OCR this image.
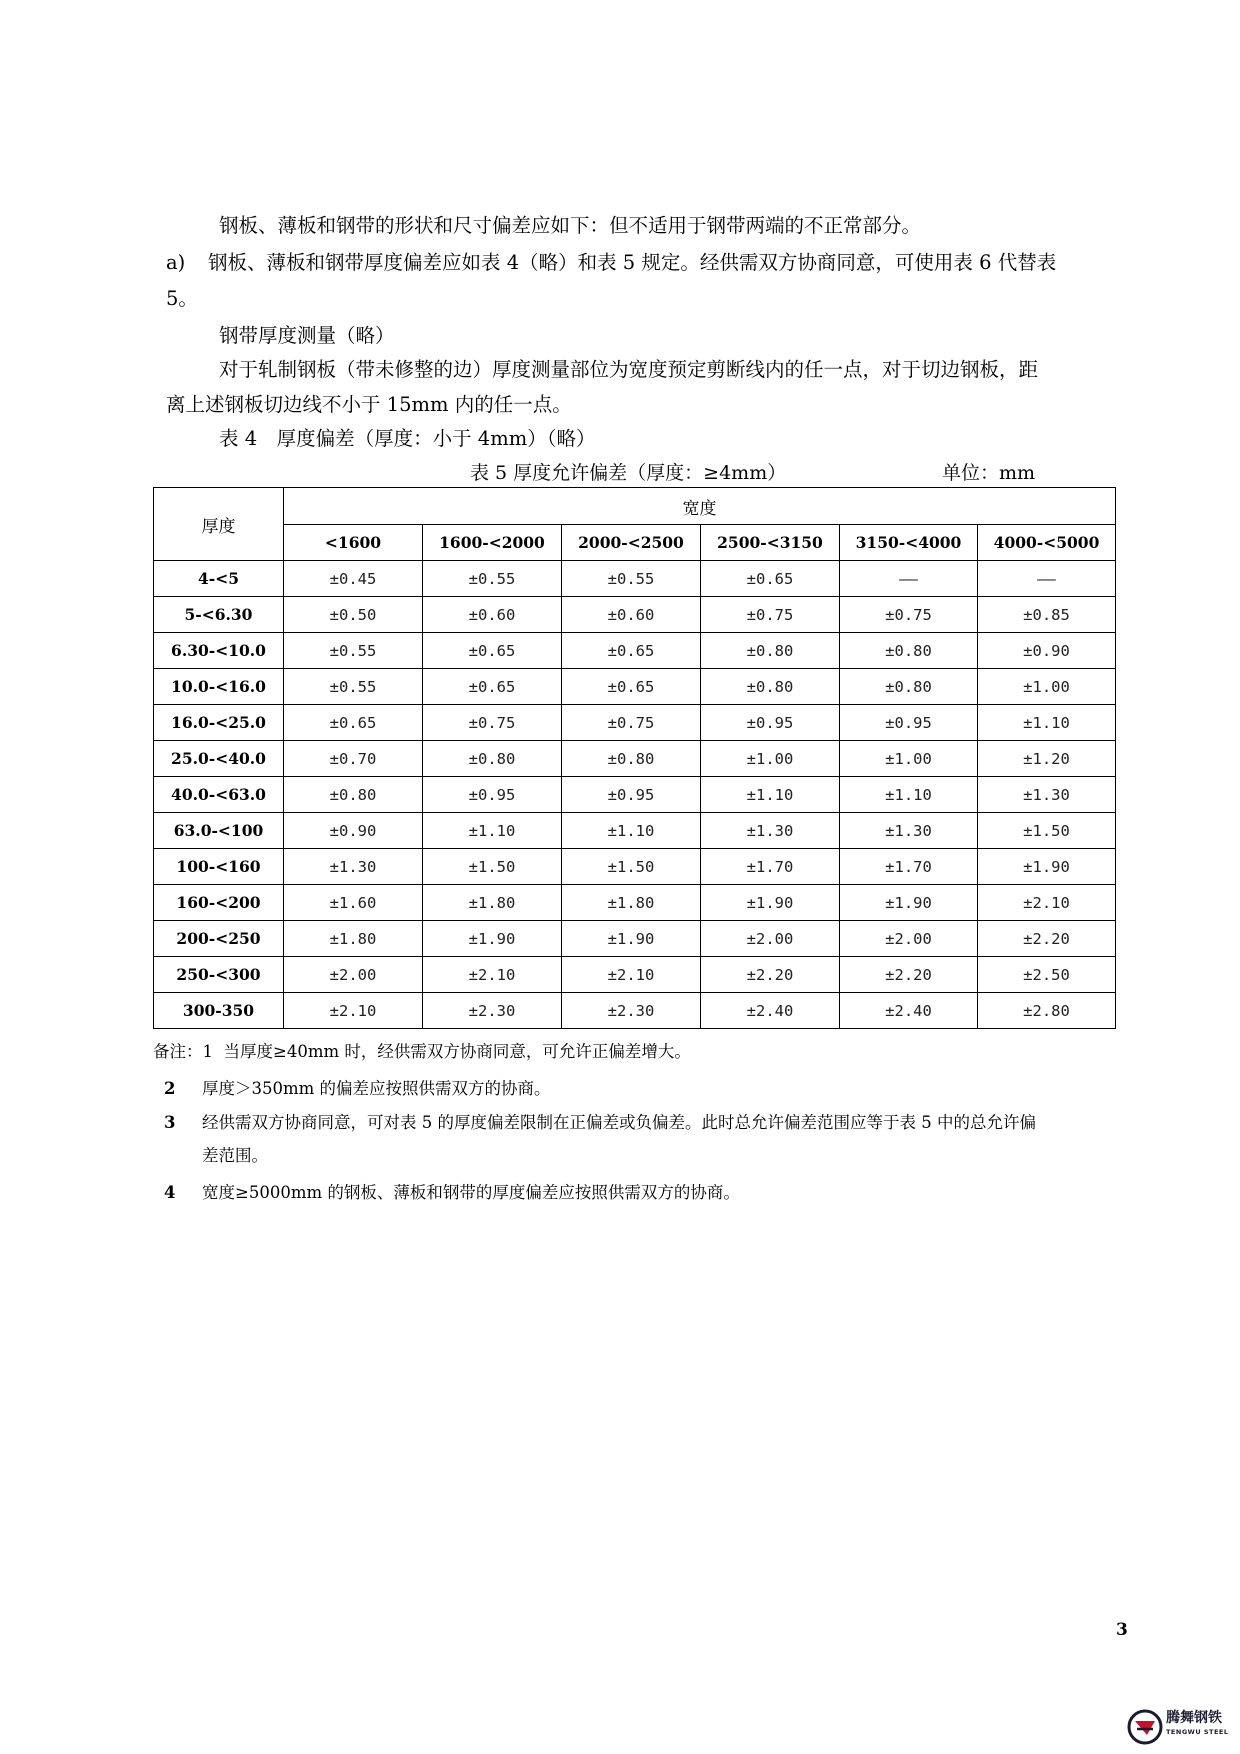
钢板、薄板和钢带的形状和尺寸偏差应如下：但不适用于钢带两端的不正常部分。
a) 钢板、薄板和钢带厚度偏差应如表 4（略）和表 5 规定。经供需双方协商同意，可使用表 6 代替表
5。
钢带厚度测量（略）
对于轧制钢板（带未修整的边）厚度测量部位为宽度预定剪断线内的任一点，对于切边钢板，距
离上述钢板切边线不小于 15mm 内的任一点。
表 4　厚度偏差（厚度：小于 4mm）（略）
表 5 厚度允许偏差（厚度：≥4mm）	单位：mm
厚度	宽度					
	<1600	1600-<2000	2000-<2500	2500-<3150	3150-<4000	4000-<5000
4-<5	±0.45	±0.55	±0.55	±0.65	——	——
5-<6.30	±0.50	±0.60	±0.60	±0.75	±0.75	±0.85
6.30-<10.0	±0.55	±0.65	±0.65	±0.80	±0.80	±0.90
10.0-<16.0	±0.55	±0.65	±0.65	±0.80	±0.80	±1.00
16.0-<25.0	±0.65	±0.75	±0.75	±0.95	±0.95	±1.10
25.0-<40.0	±0.70	±0.80	±0.80	±1.00	±1.00	±1.20
40.0-<63.0	±0.80	±0.95	±0.95	±1.10	±1.10	±1.30
63.0-<100	±0.90	±1.10	±1.10	±1.30	±1.30	±1.50
100-<160	±1.30	±1.50	±1.50	±1.70	±1.70	±1.90
160-<200	±1.60	±1.80	±1.80	±1.90	±1.90	±2.10
200-<250	±1.80	±1.90	±1.90	±2.00	±2.00	±2.20
250-<300	±2.00	±2.10	±2.10	±2.20	±2.20	±2.50
300-350	±2.10	±2.30	±2.30	±2.40	±2.40	±2.80
备注：1 当厚度≥40mm 时，经供需双方协商同意，可允许正偏差增大。
2 厚度＞350mm 的偏差应按照供需双方的协商。
3 经供需双方协商同意，可对表 5 的厚度偏差限制在正偏差或负偏差。此时总允许偏差范围应等于表 5 中的总允许偏
差范围。
4 宽度≥5000mm 的钢板、薄板和钢带的厚度偏差应按照供需双方的协商。
3
腾舞钢铁
TENGWU STEEL
